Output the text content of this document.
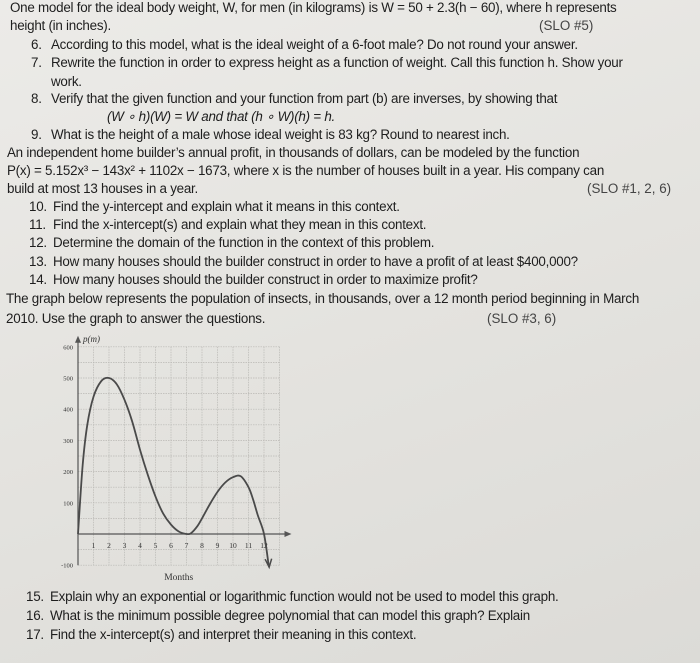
One model for the ideal body weight, W, for men (in kilograms) is W = 50 + 2.3(h − 60), where h represents
height (in inches).	(SLO #5)
6. According to this model, what is the ideal weight of a 6-foot male? Do not round your answer.
7. Rewrite the function in order to express height as a function of weight. Call this function h. Show your
work.
8. Verify that the given function and your function from part (b) are inverses, by showing that
(W ∘ h)(W) = W and that (h ∘ W)(h) = h.
9. What is the height of a male whose ideal weight is 83 kg? Round to nearest inch.
An independent home builder’s annual profit, in thousands of dollars, can be modeled by the function
P(x) = 5.152x³ − 143x² + 1102x − 1673, where x is the number of houses built in a year. His company can
build at most 13 houses in a year.	(SLO #1, 2, 6)
10. Find the y-intercept and explain what it means in this context.
11. Find the x-intercept(s) and explain what they mean in this context.
12. Determine the domain of the function in the context of this problem.
13. How many houses should the builder construct in order to have a profit of at least $400,000?
14. How many houses should the builder construct in order to maximize profit?
The graph below represents the population of insects, in thousands, over a 12 month period beginning in March
2010. Use the graph to answer the questions.	(SLO #3, 6)
1 2 3 4 5 6 7 8 9 10 11 12
-100
100
200
300
400
500
600
p(m)
Months
15. Explain why an exponential or logarithmic function would not be used to model this graph.
16. What is the minimum possible degree polynomial that can model this graph? Explain
17. Find the x-intercept(s) and interpret their meaning in this context.
